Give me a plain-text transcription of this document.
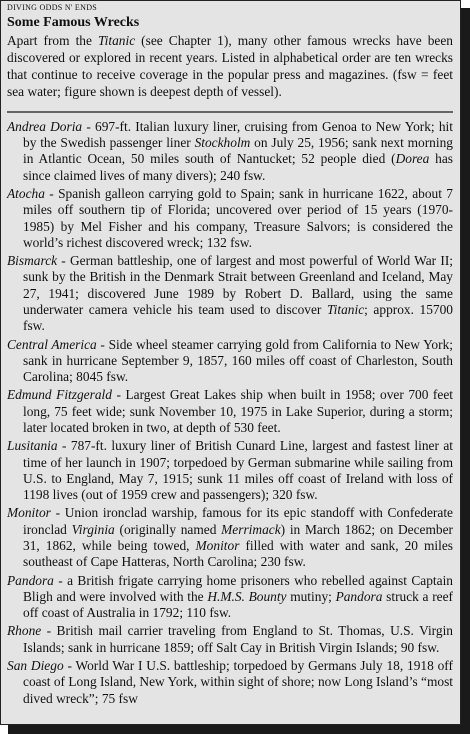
DIVING ODDS N' ENDS
Some Famous Wrecks

Apart from the Titanic (see Chapter 1), many other famous wrecks have been discovered or explored in recent years. Listed in alphabetical order are ten wrecks that continue to receive coverage in the popular press and magazines. (fsw = feet sea water; figure shown is deepest depth of vessel).

Andrea Doria - 697-ft. Italian luxury liner, cruising from Genoa to New York; hit by the Swedish passenger liner Stockholm on July 25, 1956; sank next morning in Atlantic Ocean, 50 miles south of Nantucket; 52 people died (Dorea has since claimed lives of many divers); 240 fsw.

Atocha - Spanish galleon carrying gold to Spain; sank in hurricane 1622, about 7 miles off southern tip of Florida; uncovered over period of 15 years (1970-1985) by Mel Fisher and his company, Treasure Salvors; is considered the world’s richest discovered wreck; 132 fsw.

Bismarck - German battleship, one of largest and most powerful of World War II; sunk by the British in the Denmark Strait between Greenland and Iceland, May 27, 1941; discovered June 1989 by Robert D. Ballard, using the same underwater camera vehicle his team used to discover Titanic; approx. 15700 fsw.

Central America - Side wheel steamer carrying gold from California to New York; sank in hurricane September 9, 1857, 160 miles off coast of Charleston, South Carolina; 8045 fsw.

Edmund Fitzgerald - Largest Great Lakes ship when built in 1958; over 700 feet long, 75 feet wide; sunk November 10, 1975 in Lake Superior, during a storm; later located broken in two, at depth of 530 feet.

Lusitania - 787-ft. luxury liner of British Cunard Line, largest and fastest liner at time of her launch in 1907; torpedoed by German submarine while sailing from U.S. to England, May 7, 1915; sunk 11 miles off coast of Ireland with loss of 1198 lives (out of 1959 crew and passengers); 320 fsw.

Monitor - Union ironclad warship, famous for its epic standoff with Confederate ironclad Virginia (originally named Merrimack) in March 1862; on December 31, 1862, while being towed, Monitor filled with water and sank, 20 miles southeast of Cape Hatteras, North Carolina; 230 fsw.

Pandora - a British frigate carrying home prisoners who rebelled against Captain Bligh and were involved with the H.M.S. Bounty mutiny; Pandora struck a reef off coast of Australia in 1792; 110 fsw.

Rhone - British mail carrier traveling from England to St. Thomas, U.S. Virgin Islands; sank in hurricane 1859; off Salt Cay in British Virgin Islands; 90 fsw.

San Diego - World War I U.S. battleship; torpedoed by Germans July 18, 1918 off coast of Long Island, New York, within sight of shore; now Long Island’s “most dived wreck”; 75 fsw
